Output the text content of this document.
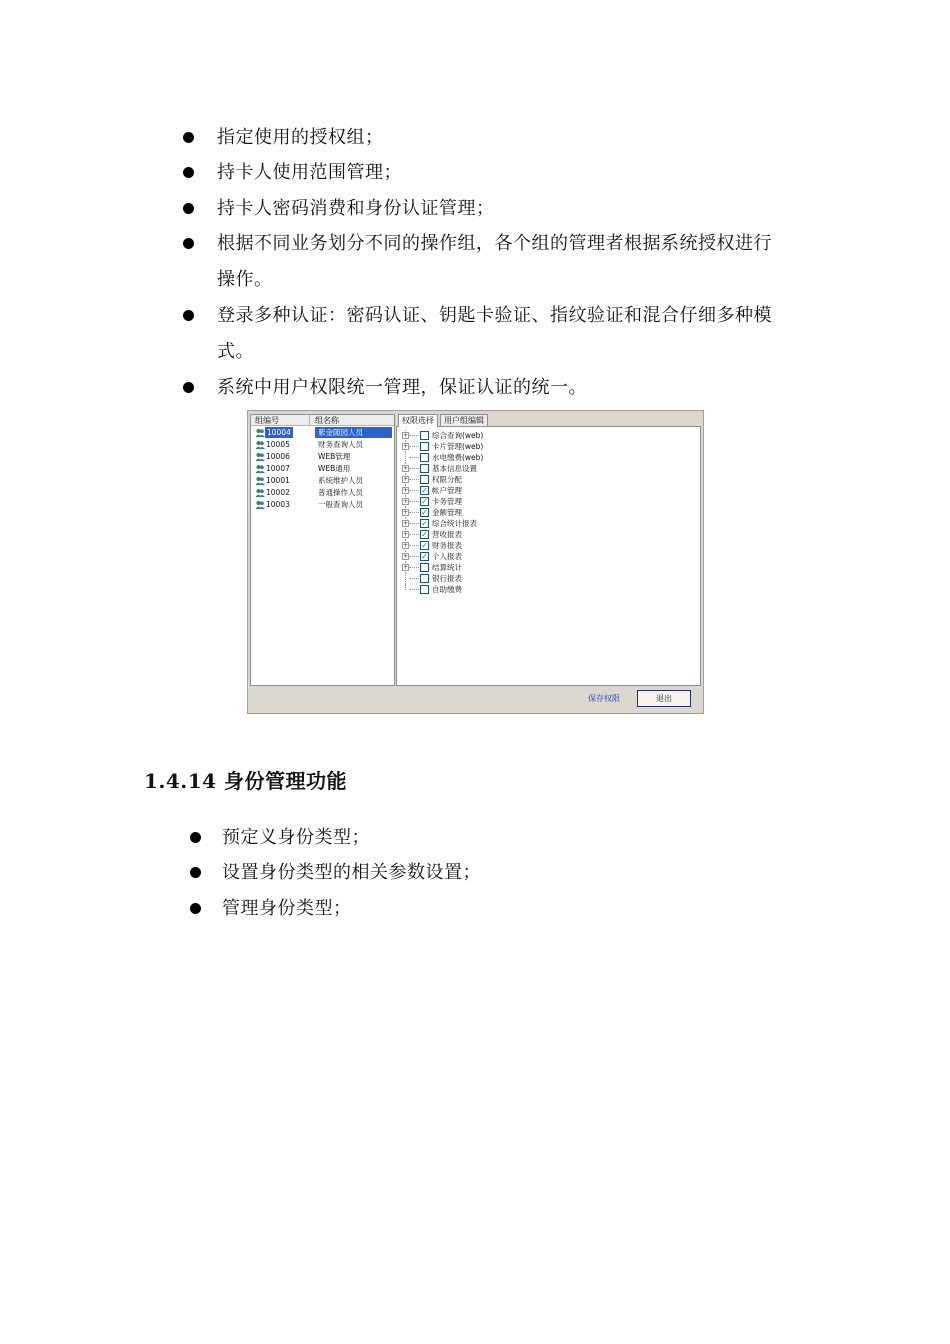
指定使用的授权组；
持卡人使用范围管理；
持卡人密码消费和身份认证管理；
根据不同业务划分不同的操作组，各个组的管理者根据系统授权进行
操作。
登录多种认证：密码认证、钥匙卡验证、指纹验证和混合仔细多种模
式。
系统中用户权限统一管理，保证认证的统一。
组编号	组名称
10004	紫金随园人员
10005	财务查询人员
10006	WEB管理
10007	WEB通用
10001	系统维护人员
10002	普通操作人员
10003	一般查询人员
权限选择	用户组编辑
+	综合查询(web)
+	卡片管理(web)
水电缴费(web)
+	基本信息设置
+	权限分配
+ ✓ 帐户管理
+ ✓ 卡务管理
+ ✓ 金额管理
+ ✓ 综合统计报表
+ ✓ 营收报表
+ ✓ 财务报表
+ ✓ 个人报表
+	结算统计
银行报表
自助缴费
保存权限	退出
1.4.14 身份管理功能
预定义身份类型；
设置身份类型的相关参数设置；
管理身份类型；
